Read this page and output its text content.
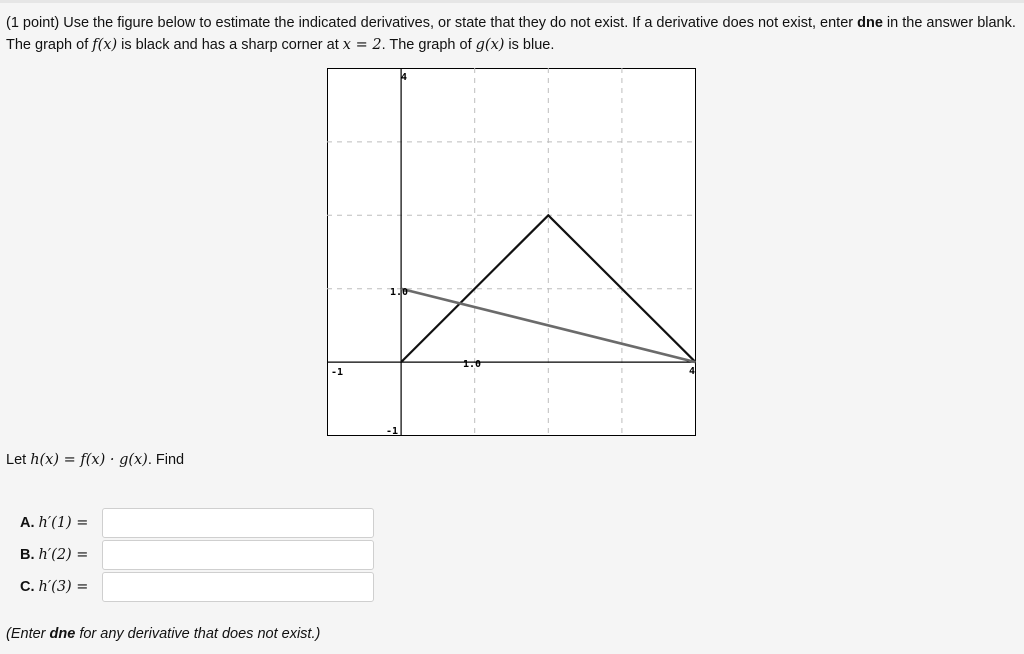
(1 point) Use the figure below to estimate the indicated derivatives, or state that they do not exist. If a derivative does not exist, enter dne in the answer blank. The graph of f(x) is black and has a sharp corner at x = 2. The graph of g(x) is blue.
4
1.0
-1
-1
1.0
4
Let h(x) = f(x) · g(x). Find
A. h′(1) =
B. h′(2) =
C. h′(3) =
(Enter dne for any derivative that does not exist.)
